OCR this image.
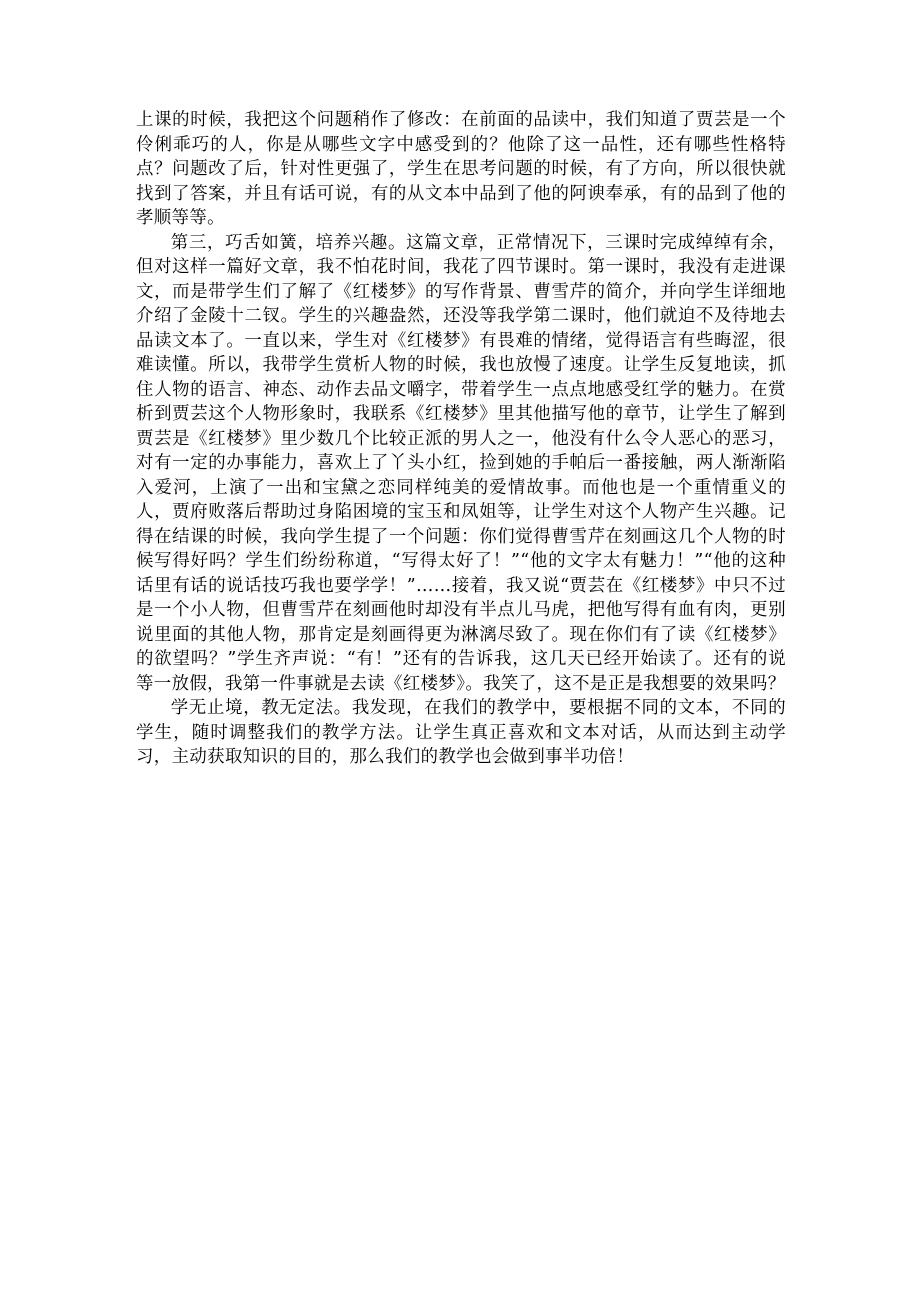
上课的时候，我把这个问题稍作了修改：在前面的品读中，我们知道了贾芸是一个伶俐乖巧的人，你是从哪些文字中感受到的？他除了这一品性，还有哪些性格特点？问题改了后，针对性更强了，学生在思考问题的时候，有了方向，所以很快就找到了答案，并且有话可说，有的从文本中品到了他的阿谀奉承，有的品到了他的孝顺等等。

第三，巧舌如簧，培养兴趣。这篇文章，正常情况下，三课时完成绰绰有余，但对这样一篇好文章，我不怕花时间，我花了四节课时。第一课时，我没有走进课文，而是带学生们了解了《红楼梦》的写作背景、曹雪芹的简介，并向学生详细地介绍了金陵十二钗。学生的兴趣盎然，还没等我学第二课时，他们就迫不及待地去品读文本了。一直以来，学生对《红楼梦》有畏难的情绪，觉得语言有些晦涩，很难读懂。所以，我带学生赏析人物的时候，我也放慢了速度。让学生反复地读，抓住人物的语言、神态、动作去品文嚼字，带着学生一点点地感受红学的魅力。在赏析到贾芸这个人物形象时，我联系《红楼梦》里其他描写他的章节，让学生了解到贾芸是《红楼梦》里少数几个比较正派的男人之一，他没有什么令人恶心的恶习，对有一定的办事能力，喜欢上了丫头小红，捡到她的手帕后一番接触，两人渐渐陷入爱河，上演了一出和宝黛之恋同样纯美的爱情故事。而他也是一个重情重义的人，贾府败落后帮助过身陷困境的宝玉和凤姐等，让学生对这个人物产生兴趣。记得在结课的时候，我向学生提了一个问题：你们觉得曹雪芹在刻画这几个人物的时候写得好吗？学生们纷纷称道，“写得太好了！”“他的文字太有魅力！”“他的这种话里有话的说话技巧我也要学学！”……接着，我又说“贾芸在《红楼梦》中只不过是一个小人物，但曹雪芹在刻画他时却没有半点儿马虎，把他写得有血有肉，更别说里面的其他人物，那肯定是刻画得更为淋漓尽致了。现在你们有了读《红楼梦》的欲望吗？”学生齐声说：“有！”还有的告诉我，这几天已经开始读了。还有的说等一放假，我第一件事就是去读《红楼梦》。我笑了，这不是正是我想要的效果吗？

学无止境，教无定法。我发现，在我们的教学中，要根据不同的文本，不同的学生，随时调整我们的教学方法。让学生真正喜欢和文本对话，从而达到主动学习，主动获取知识的目的，那么我们的教学也会做到事半功倍！
